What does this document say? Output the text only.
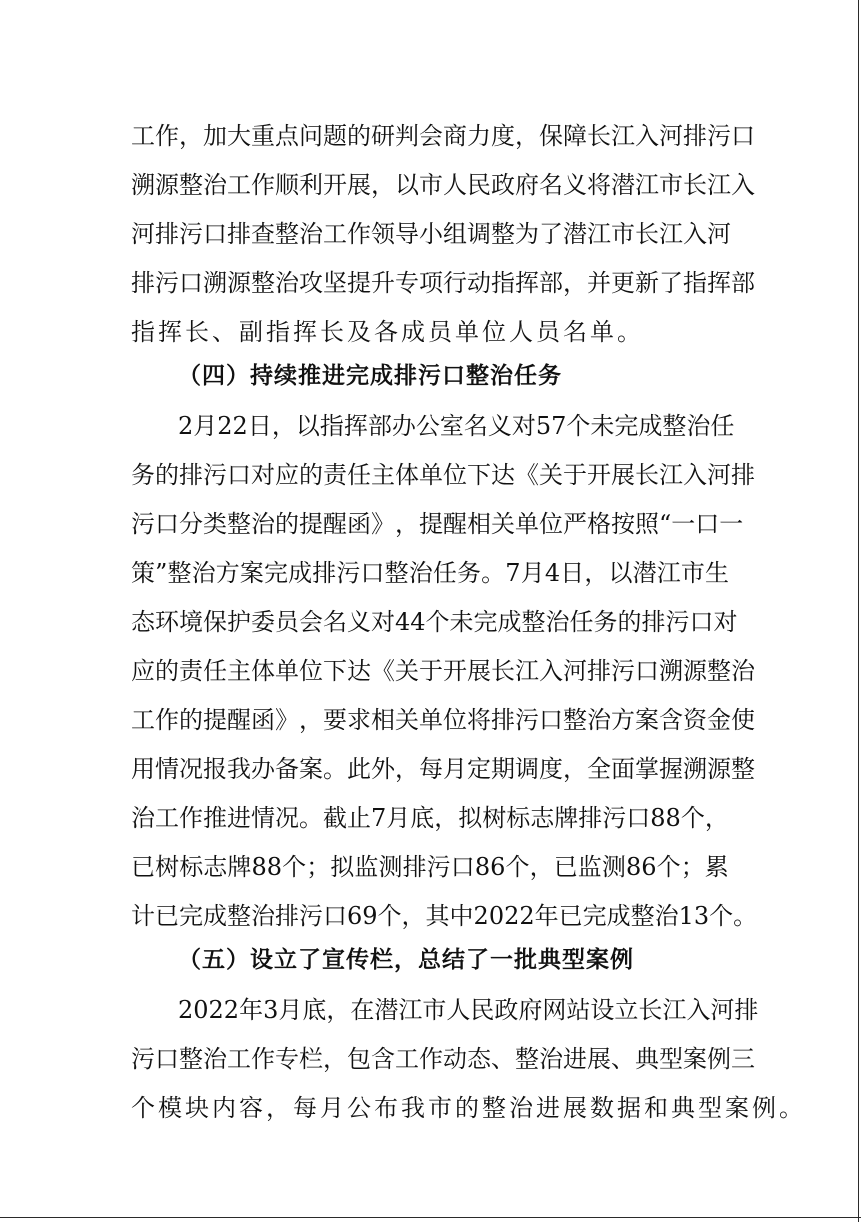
工 作 ， 加 大 重 点 问 题 的 研 判 会 商 力 度 ， 保 障 长 江 入 河 排 污 口
溯 源 整 治 工 作 顺 利 开 展 ， 以 市 人 民 政 府 名 义 将 潜 江 市 长 江 入
河 排 污 口 排 查 整 治 工 作 领 导 小 组 调 整 为 了 潜 江 市 长 江 入 河
排 污 口 溯 源 整 治 攻 坚 提 升 专 项 行 动 指 挥 部 ， 并 更 新 了 指 挥 部
指挥长、副指挥长及各成员单位人员名单。
（四）持续推进完成排污口整治任务
2 月 22 日 ， 以 指 挥 部 办 公 室 名 义 对 57 个 未 完 成 整 治 任
务 的 排 污 口 对 应 的 责 任 主 体 单 位 下 达 《 关 于 开 展 长 江 入 河 排
污 口 分 类 整 治 的 提 醒 函 》 ， 提 醒 相 关 单 位 严 格 按 照 “ 一 口 一
策 ” 整 治 方 案 完 成 排 污 口 整 治 任 务 。 7 月 4 日 ， 以 潜 江 市 生
态 环 境 保 护 委 员 会 名 义 对 44 个 未 完 成 整 治 任 务 的 排 污 口 对
应 的 责 任 主 体 单 位 下 达 《 关 于 开 展 长 江 入 河 排 污 口 溯 源 整 治
工 作 的 提 醒 函 》 ， 要 求 相 关 单 位 将 排 污 口 整 治 方 案 含 资 金 使
用 情 况 报 我 办 备 案 。 此 外 ， 每 月 定 期 调 度 ， 全 面 掌 握 溯 源 整
治 工 作 推 进 情 况 。 截 止 7 月 底 ， 拟 树 标 志 牌 排 污 口 88 个 ，
已 树 标 志 牌 88 个 ； 拟 监 测 排 污 口 86 个 ， 已 监 测 86 个 ； 累
计 已 完 成 整 治 排 污 口 69 个 ， 其 中 2022 年 已 完 成 整 治 13 个 。
（五）设立了宣传栏，总结了一批典型案例
2022 年 3 月 底 ， 在 潜 江 市 人 民 政 府 网 站 设 立 长 江 入 河 排
污 口 整 治 工 作 专 栏 ， 包 含 工 作 动 态 、 整 治 进 展 、 典 型 案 例 三
个模块内容，每月公布我市的整治进展数据和典型案例。
